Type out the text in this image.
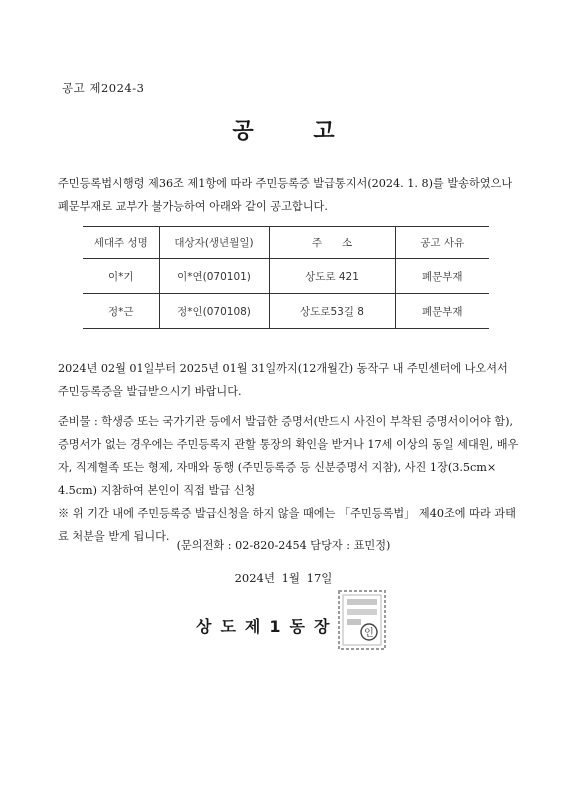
공고 제2024-3
공 고
주민등록법시행령 제36조 제1항에 따라 주민등록증 발급통지서(2024. 1. 8)를 발송하였으나 폐문부재로 교부가 불가능하여 아래와 같이 공고합니다.
세대주 성명	대상자(생년월일)	주      소	공고 사유
이*기	이*연(070101)	상도로 421	폐문부재
정*근	정*인(070108)	상도로53길 8	폐문부재
2024년 02월 01일부터 2025년 01월 31일까지(12개월간) 동작구 내 주민센터에 나오셔서 주민등록증을 발급받으시기 바랍니다.
준비물 : 학생증 또는 국가기관 등에서 발급한 증명서(반드시 사진이 부착된 증명서이어야 함), 증명서가 없는 경우에는 주민등록지 관할 통장의 확인을 받거나 17세 이상의 동일 세대원, 배우자, 직계혈족 또는 형제, 자매와 동행 (주민등록증 등 신분증명서 지참), 사진 1장(3.5cm× 4.5cm) 지참하여 본인이 직접 발급 신청
※ 위 기간 내에 주민등록증 발급신청을 하지 않을 때에는 「주민등록법」 제40조에 따라 과태료 처분을 받게 됩니다.
(문의전화 : 02-820-2454 담당자 : 표민정)
2024년 1월 17일
상도제1동장	인
